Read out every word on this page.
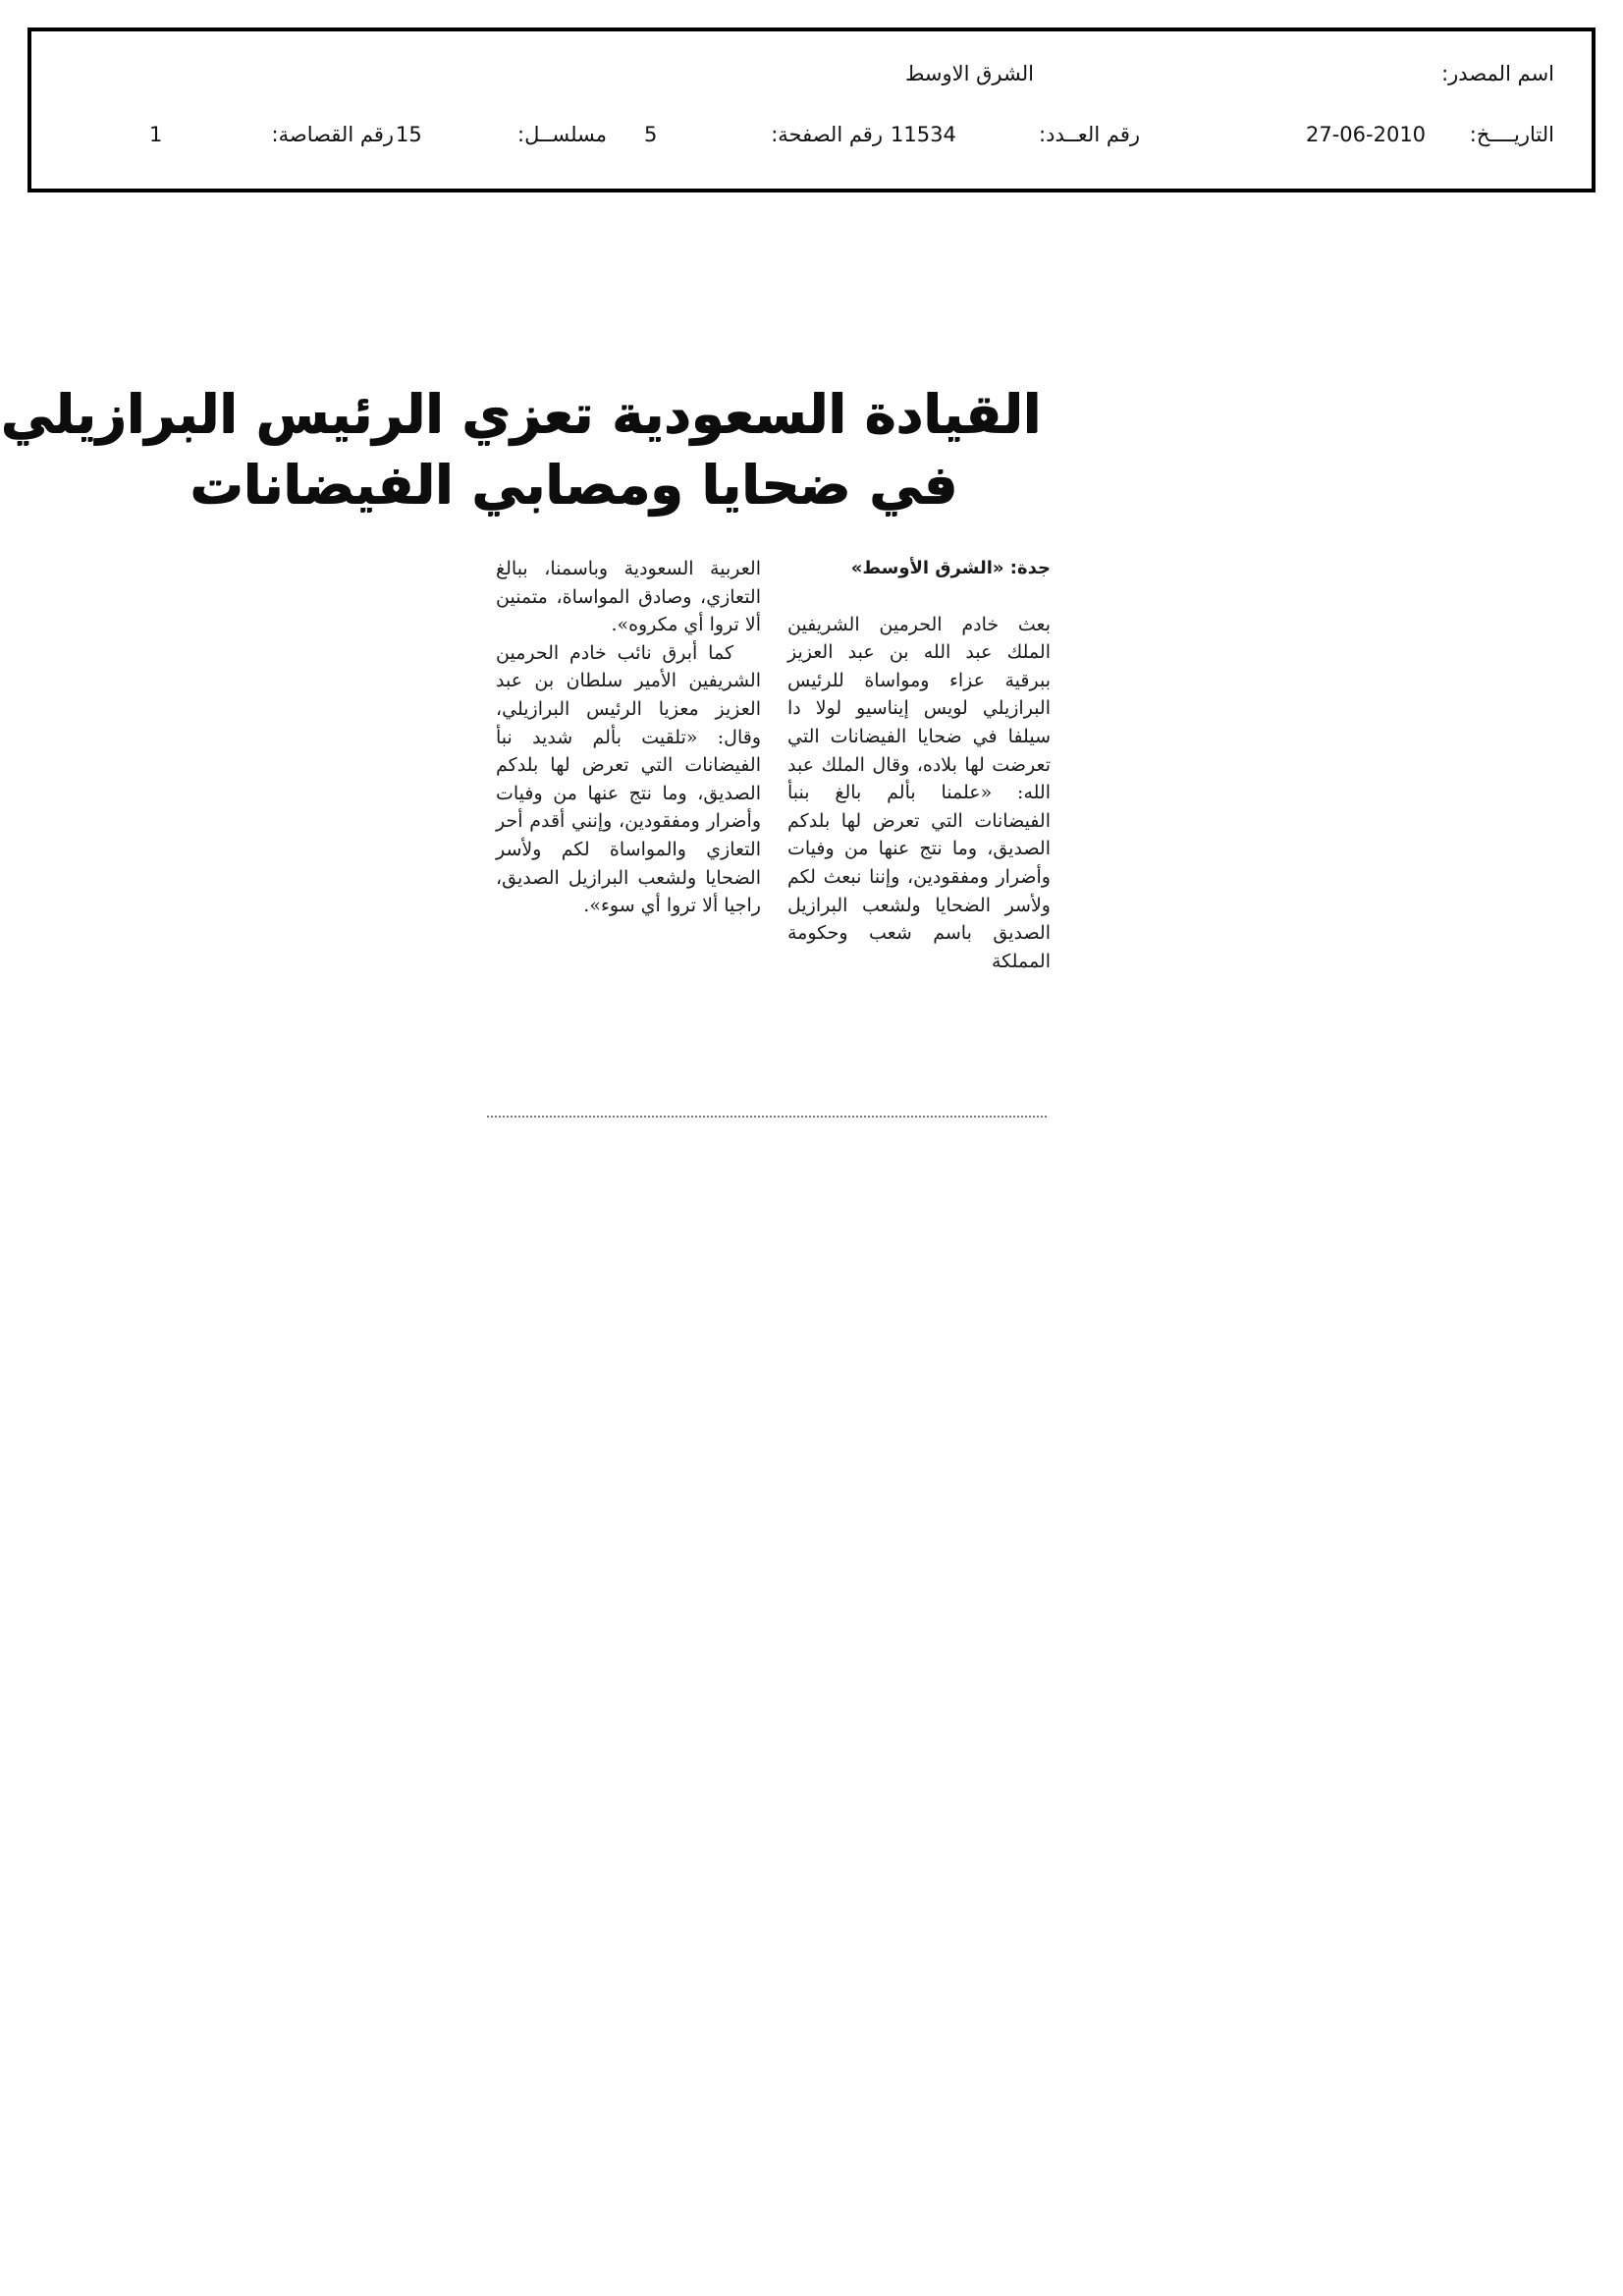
اسم المصدر:
الشرق الاوسط
التاريــــخ:
27-06-2010
رقم العــدد:
11534
رقم الصفحة:
5
مسلســل:
15
رقم القصاصة:
1
القيادة السعودية تعزي الرئيس البرازيلي
في ضحايا ومصابي الفيضانات
جدة: «الشرق الأوسط»

بعث خادم الحرمين الشريفين الملك عبد الله بن عبد العزيز ببرقية عزاء ومواساة للرئيس البرازيلي لويس إيناسيو لولا دا سيلفا في ضحايا الفيضانات التي تعرضت لها بلاده، وقال الملك عبد الله: «علمنا بألم بالغ بنبأ الفيضانات التي تعرض لها بلدكم الصديق، وما نتج عنها من وفيات وأضرار ومفقودين، وإننا نبعث لكم ولأسر الضحايا ولشعب البرازيل الصديق باسم شعب وحكومة المملكة

العربية السعودية وباسمنا، ببالغ التعازي، وصادق المواساة، متمنين ألا تروا أي مكروه».

كما أبرق نائب خادم الحرمين الشريفين الأمير سلطان بن عبد العزيز معزيا الرئيس البرازيلي، وقال: «تلقيت بألم شديد نبأ الفيضانات التي تعرض لها بلدكم الصديق، وما نتج عنها من وفيات وأضرار ومفقودين، وإنني أقدم أحر التعازي والمواساة لكم ولأسر الضحايا ولشعب البرازيل الصديق، راجيا ألا تروا أي سوء».
